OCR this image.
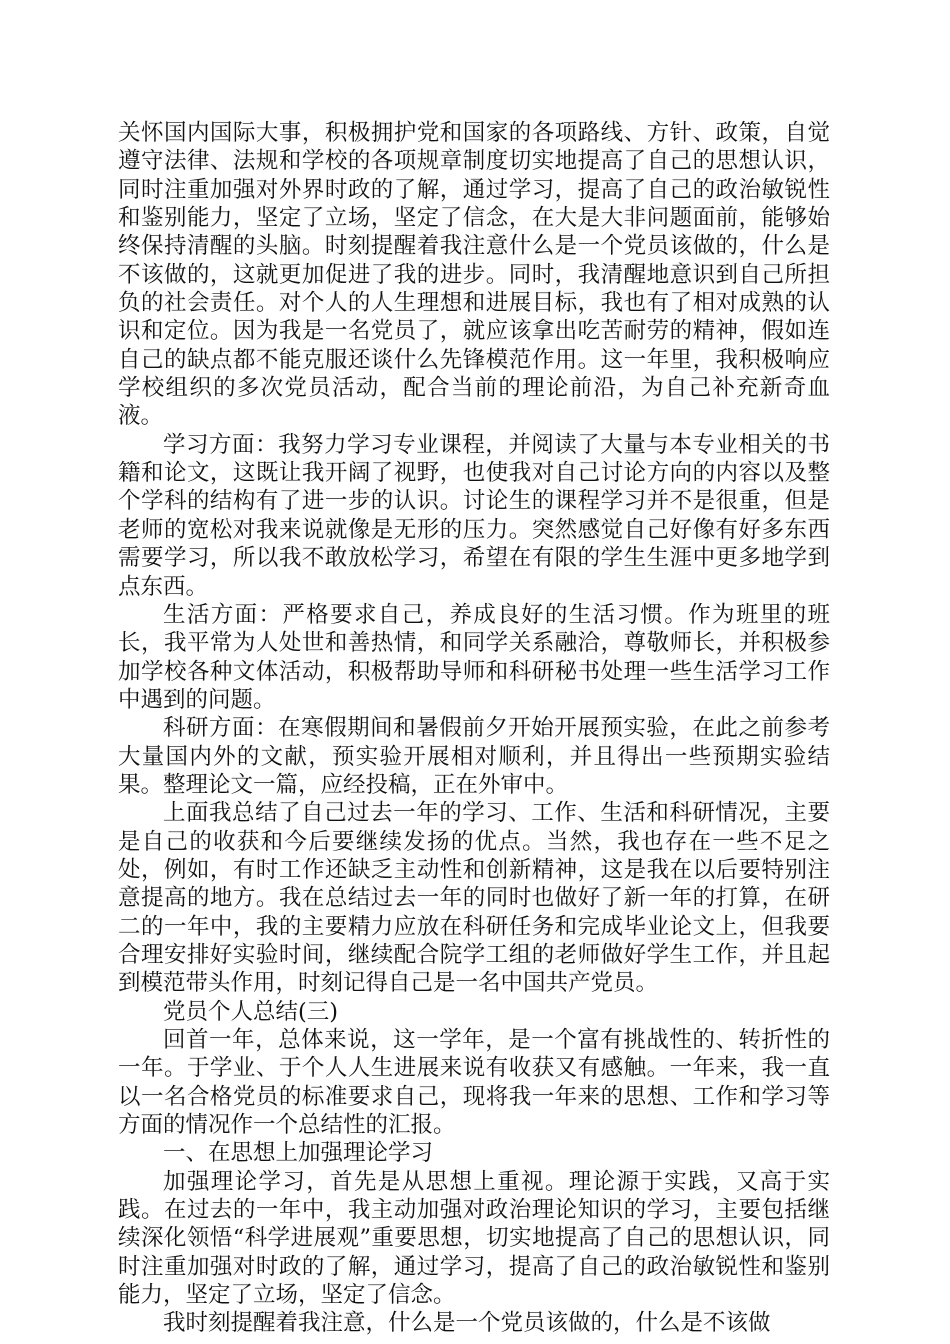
关怀国内国际大事，积极拥护党和国家的各项路线、方针、政策，自觉遵守法律、法规和学校的各项规章制度切实地提高了自己的思想认识，同时注重加强对外界时政的了解，通过学习，提高了自己的政治敏锐性和鉴别能力，坚定了立场，坚定了信念，在大是大非问题面前，能够始终保持清醒的头脑。时刻提醒着我注意什么是一个党员该做的，什么是不该做的，这就更加促进了我的进步。同时，我清醒地意识到自己所担负的社会责任。对个人的人生理想和进展目标，我也有了相对成熟的认识和定位。因为我是一名党员了，就应该拿出吃苦耐劳的精神，假如连自己的缺点都不能克服还谈什么先锋模范作用。这一年里，我积极响应学校组织的多次党员活动，配合当前的理论前沿，为自己补充新奇血液。

学习方面：我努力学习专业课程，并阅读了大量与本专业相关的书籍和论文，这既让我开阔了视野，也使我对自己讨论方向的内容以及整个学科的结构有了进一步的认识。讨论生的课程学习并不是很重，但是老师的宽松对我来说就像是无形的压力。突然感觉自己好像有好多东西需要学习，所以我不敢放松学习，希望在有限的学生生涯中更多地学到点东西。

生活方面：严格要求自己，养成良好的生活习惯。作为班里的班长，我平常为人处世和善热情，和同学关系融洽，尊敬师长，并积极参加学校各种文体活动，积极帮助导师和科研秘书处理一些生活学习工作中遇到的问题。

科研方面：在寒假期间和暑假前夕开始开展预实验，在此之前参考大量国内外的文献，预实验开展相对顺利，并且得出一些预期实验结果。整理论文一篇，应经投稿，正在外审中。

上面我总结了自己过去一年的学习、工作、生活和科研情况，主要是自己的收获和今后要继续发扬的优点。当然，我也存在一些不足之处，例如，有时工作还缺乏主动性和创新精神，这是我在以后要特别注意提高的地方。我在总结过去一年的同时也做好了新一年的打算，在研二的一年中，我的主要精力应放在科研任务和完成毕业论文上，但我要合理安排好实验时间，继续配合院学工组的老师做好学生工作，并且起到模范带头作用，时刻记得自己是一名中国共产党员。

党员个人总结(三)

回首一年，总体来说，这一学年，是一个富有挑战性的、转折性的一年。于学业、于个人人生进展来说有收获又有感触。一年来，我一直以一名合格党员的标准要求自己，现将我一年来的思想、工作和学习等方面的情况作一个总结性的汇报。

一、在思想上加强理论学习

加强理论学习，首先是从思想上重视。理论源于实践，又高于实践。在过去的一年中，我主动加强对政治理论知识的学习，主要包括继续深化领悟“科学进展观”重要思想，切实地提高了自己的思想认识，同时注重加强对时政的了解，通过学习，提高了自己的政治敏锐性和鉴别能力，坚定了立场，坚定了信念。

我时刻提醒着我注意，什么是一个党员该做的，什么是不该做
